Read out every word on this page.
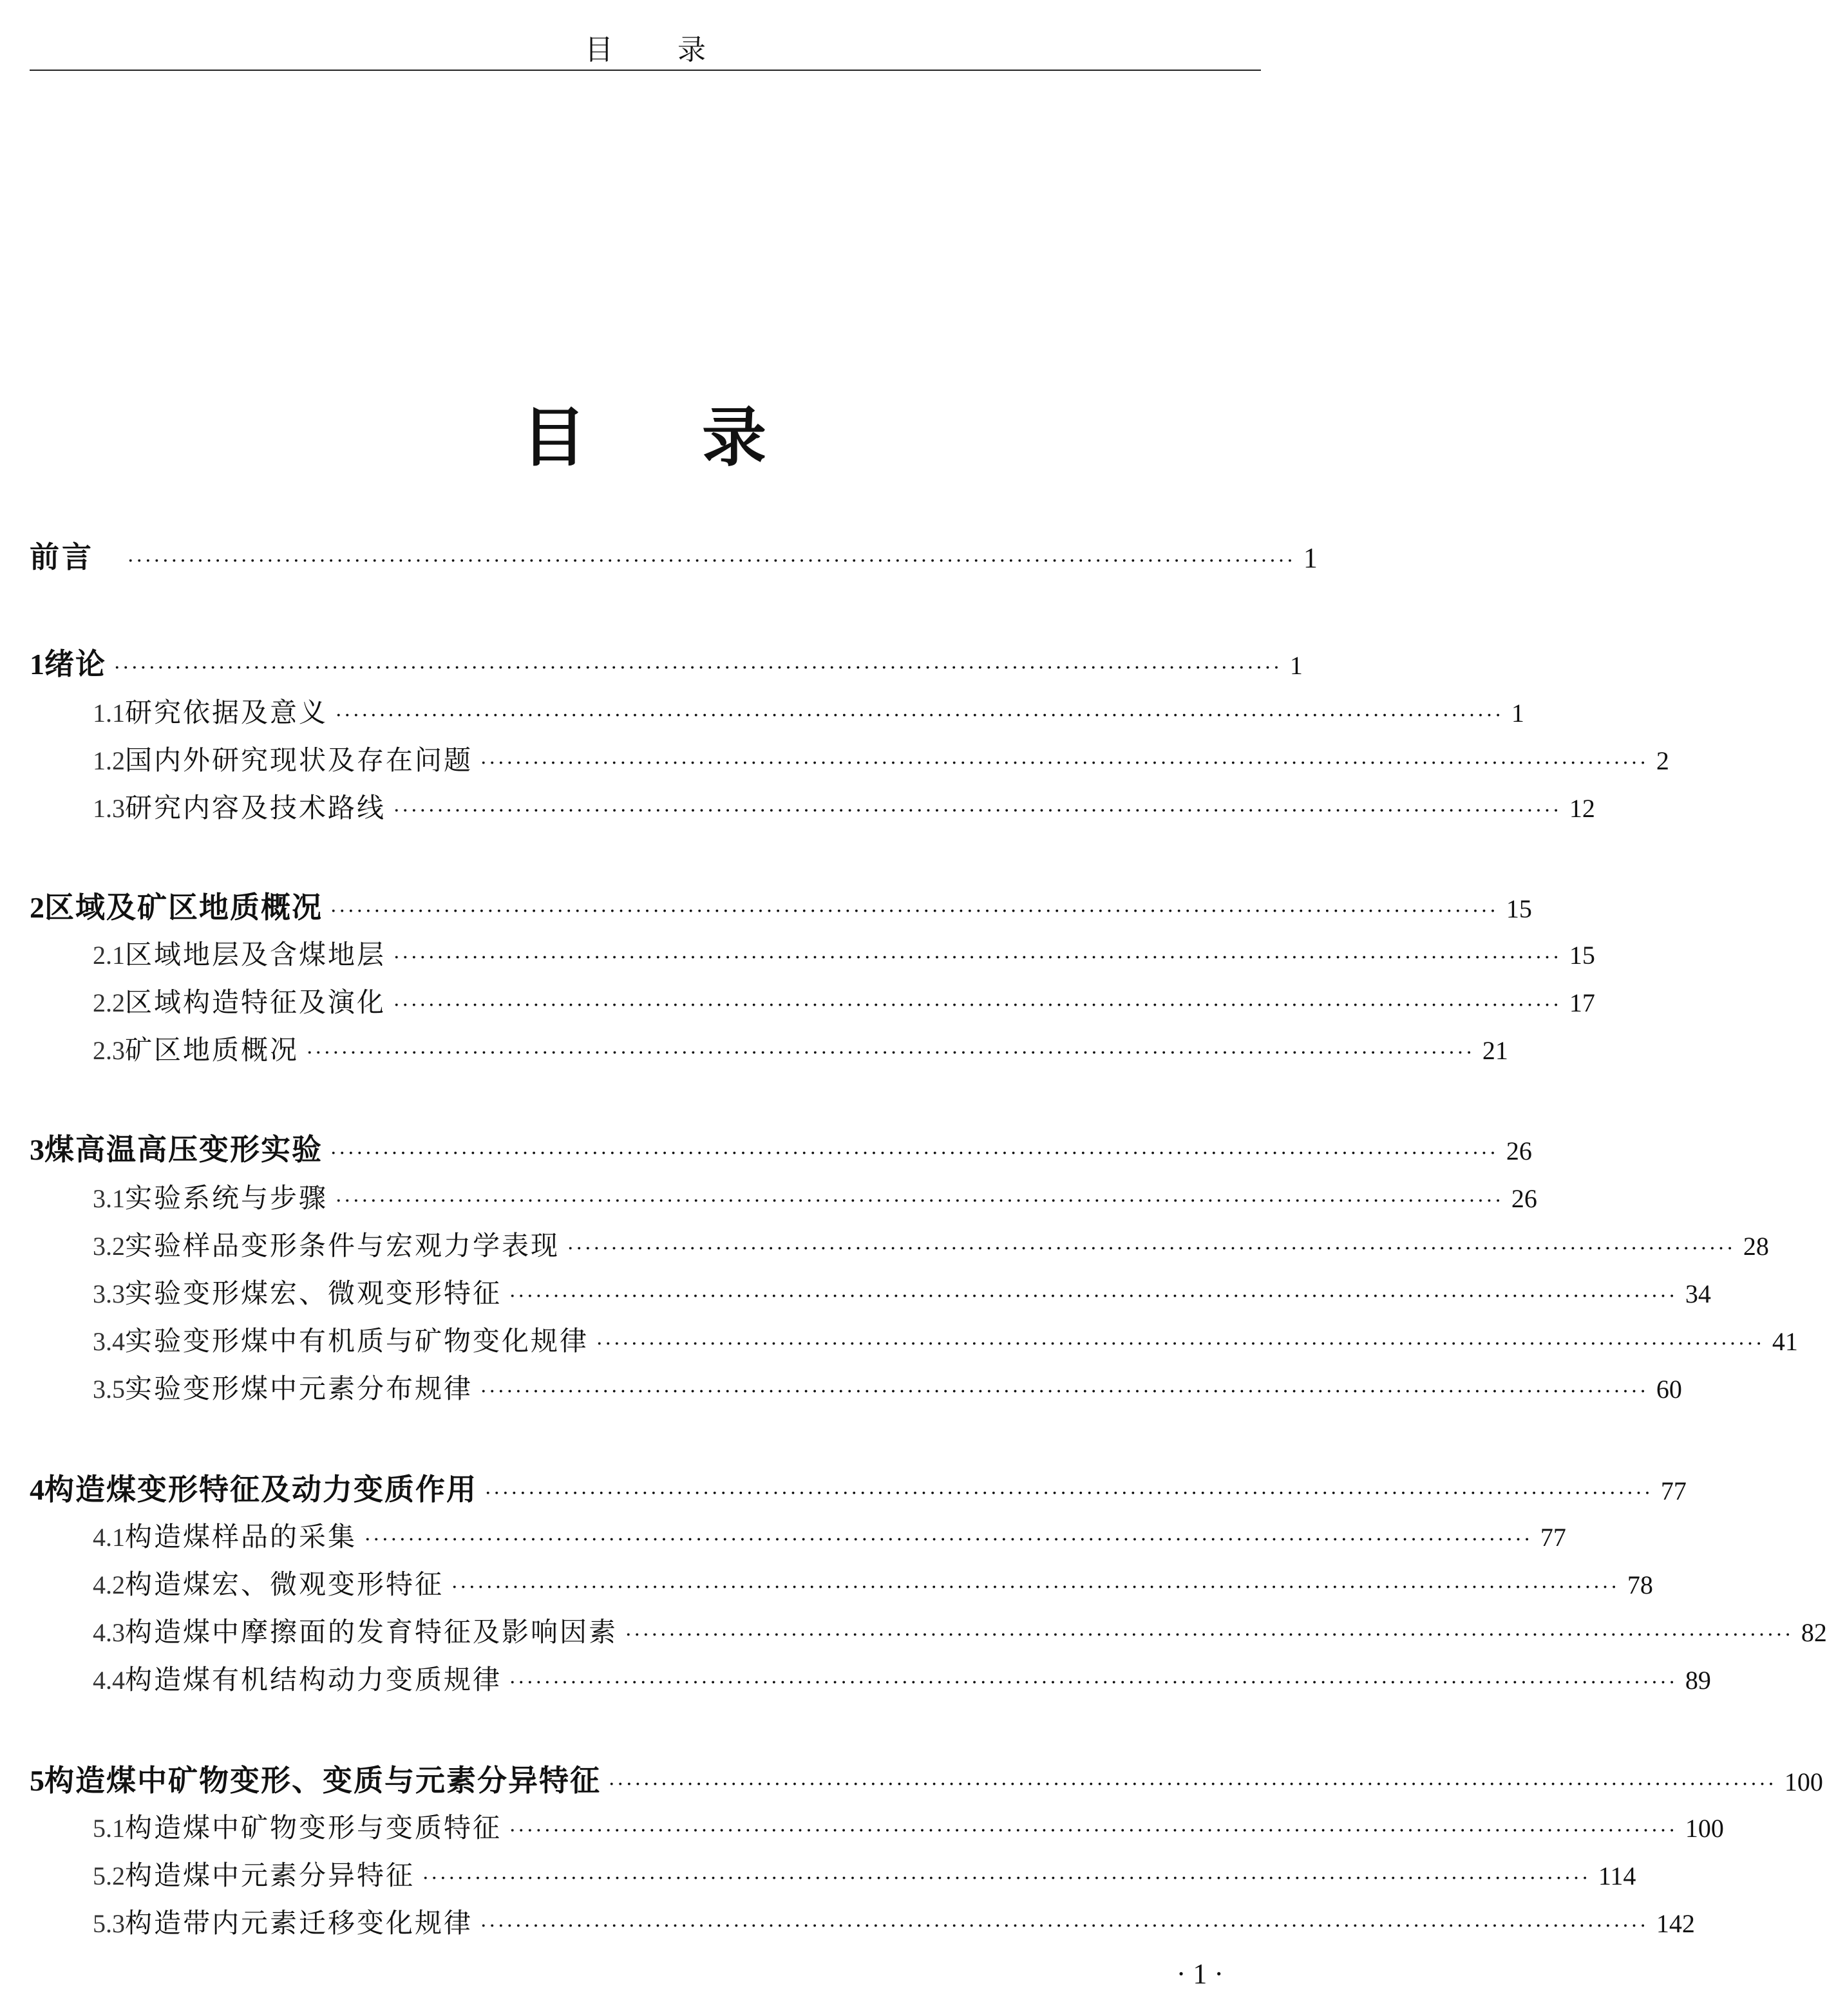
目录
目录
前言 ······································································································································ 1
1 绪论 ······································································································································ 1
1.1 研究依据及意义 ······································································································································ 1
1.2 国内外研究现状及存在问题 ······································································································································ 2
1.3 研究内容及技术路线 ······································································································································ 12
2 区域及矿区地质概况 ······································································································································ 15
2.1 区域地层及含煤地层 ······································································································································ 15
2.2 区域构造特征及演化 ······································································································································ 17
2.3 矿区地质概况 ······································································································································ 21
3 煤高温高压变形实验 ······································································································································ 26
3.1 实验系统与步骤 ······································································································································ 26
3.2 实验样品变形条件与宏观力学表现 ······································································································································ 28
3.3 实验变形煤宏、微观变形特征 ······································································································································ 34
3.4 实验变形煤中有机质与矿物变化规律 ······································································································································ 41
3.5 实验变形煤中元素分布规律 ······································································································································ 60
4 构造煤变形特征及动力变质作用 ······································································································································ 77
4.1 构造煤样品的采集 ······································································································································ 77
4.2 构造煤宏、微观变形特征 ······································································································································ 78
4.3 构造煤中摩擦面的发育特征及影响因素 ······································································································································ 82
4.4 构造煤有机结构动力变质规律 ······································································································································ 89
5 构造煤中矿物变形、变质与元素分异特征 ······································································································································ 100
5.1 构造煤中矿物变形与变质特征 ······································································································································ 100
5.2 构造煤中元素分异特征 ······································································································································ 114
5.3 构造带内元素迁移变化规律 ······································································································································ 142
· 1 ·
